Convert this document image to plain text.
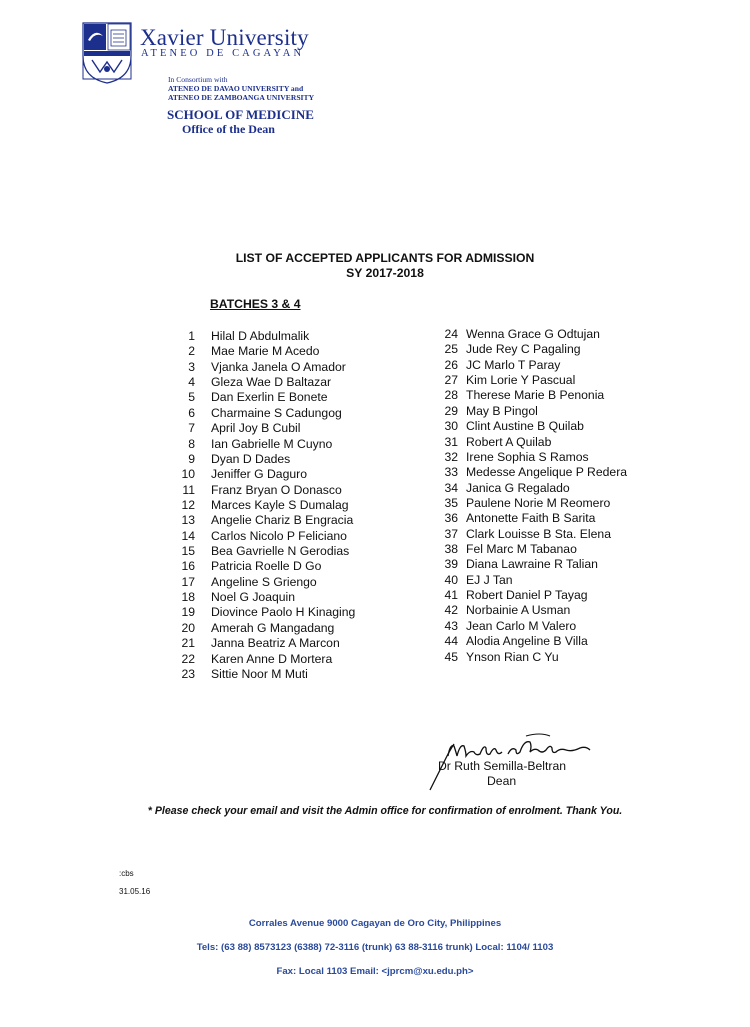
Xavier University
ATENEO DE CAGAYAN
In Consortium with
ATENEO DE DAVAO UNIVERSITY and
ATENEO DE ZAMBOANGA UNIVERSITY
SCHOOL OF MEDICINE
Office of the Dean
LIST OF ACCEPTED APPLICANTS FOR ADMISSION
SY 2017-2018
BATCHES 3 & 4
1 Hilal D Abdulmalik
2 Mae Marie M Acedo
3 Vjanka Janela O Amador
4 Gleza Wae D Baltazar
5 Dan Exerlin E Bonete
6 Charmaine S Cadungog
7 April Joy B Cubil
8 Ian Gabrielle M Cuyno
9 Dyan D Dades
10 Jeniffer G Daguro
11 Franz Bryan O Donasco
12 Marces Kayle S Dumalag
13 Angelie Chariz B Engracia
14 Carlos Nicolo P Feliciano
15 Bea Gavrielle N Gerodias
16 Patricia Roelle D Go
17 Angeline S Griengo
18 Noel G Joaquin
19 Diovince Paolo H Kinaging
20 Amerah G Mangadang
21 Janna Beatriz A Marcon
22 Karen Anne D Mortera
23 Sittie Noor M Muti
24 Wenna Grace G Odtujan
25 Jude Rey C Pagaling
26 JC Marlo T Paray
27 Kim Lorie Y Pascual
28 Therese Marie B Penonia
29 May B Pingol
30 Clint Austine B Quilab
31 Robert A Quilab
32 Irene Sophia S Ramos
33 Medesse Angelique P Redera
34 Janica G Regalado
35 Paulene Norie M Reomero
36 Antonette Faith B Sarita
37 Clark Louisse B Sta. Elena
38 Fel Marc M Tabanao
39 Diana Lawraine R Talian
40 EJ J Tan
41 Robert Daniel P Tayag
42 Norbainie A Usman
43 Jean Carlo M Valero
44 Alodia Angeline B Villa
45 Ynson Rian C Yu
Dr Ruth Semilla-Beltran
Dean
* Please check your email and visit the Admin office for confirmation of enrolment. Thank You.
:cbs
31.05.16
Corrales Avenue 9000 Cagayan de Oro City, Philippines
Tels: (63 88) 8573123 (6388) 72-3116 (trunk) 63 88-3116 trunk) Local: 1104/ 1103
Fax: Local 1103 Email: <jprcm@xu.edu.ph>
